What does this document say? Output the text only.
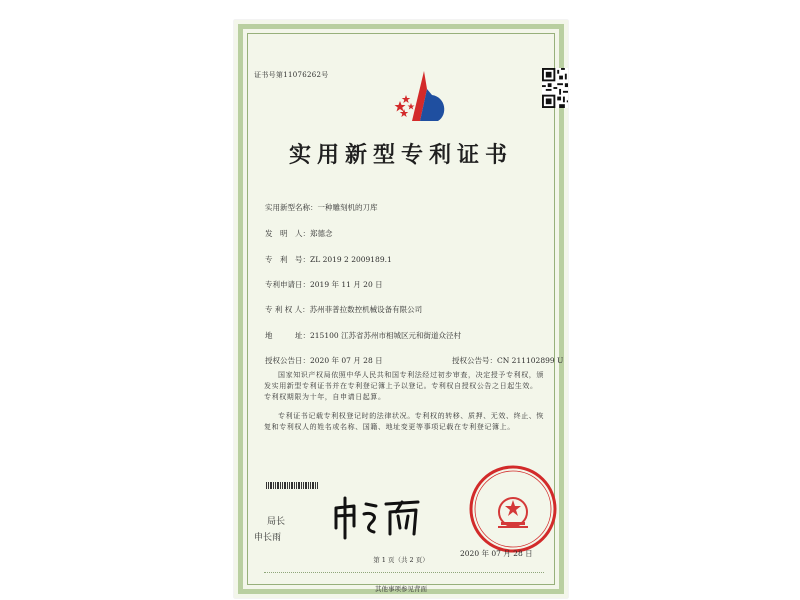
证书号第11076262号
实用新型专利证书
实用新型名称：一种雕刻机的刀库
发　明　人：郑德念
专　利　号：ZL 2019 2 2009189.1
专利申请日：2019 年 11 月 20 日
专 利 权 人：苏州菲普拉数控机械设备有限公司
地　　　址：215100 江苏省苏州市相城区元和街道众泾村
授权公告日：2020 年 07 月 28 日	授权公告号：CN 211102899 U
国家知识产权局依照中华人民共和国专利法经过初步审查，决定授予专利权，颁发实用新型专利证书并在专利登记簿上予以登记。专利权自授权公告之日起生效。专利权期限为十年，自申请日起算。
专利证书记载专利权登记时的法律状况。专利权的转移、质押、无效、终止、恢复和专利权人的姓名或名称、国籍、地址变更等事项记载在专利登记簿上。
局长
申长雨
2020 年 07 月 28 日
第 1 页（共 2 页）
其他事项参见背面
